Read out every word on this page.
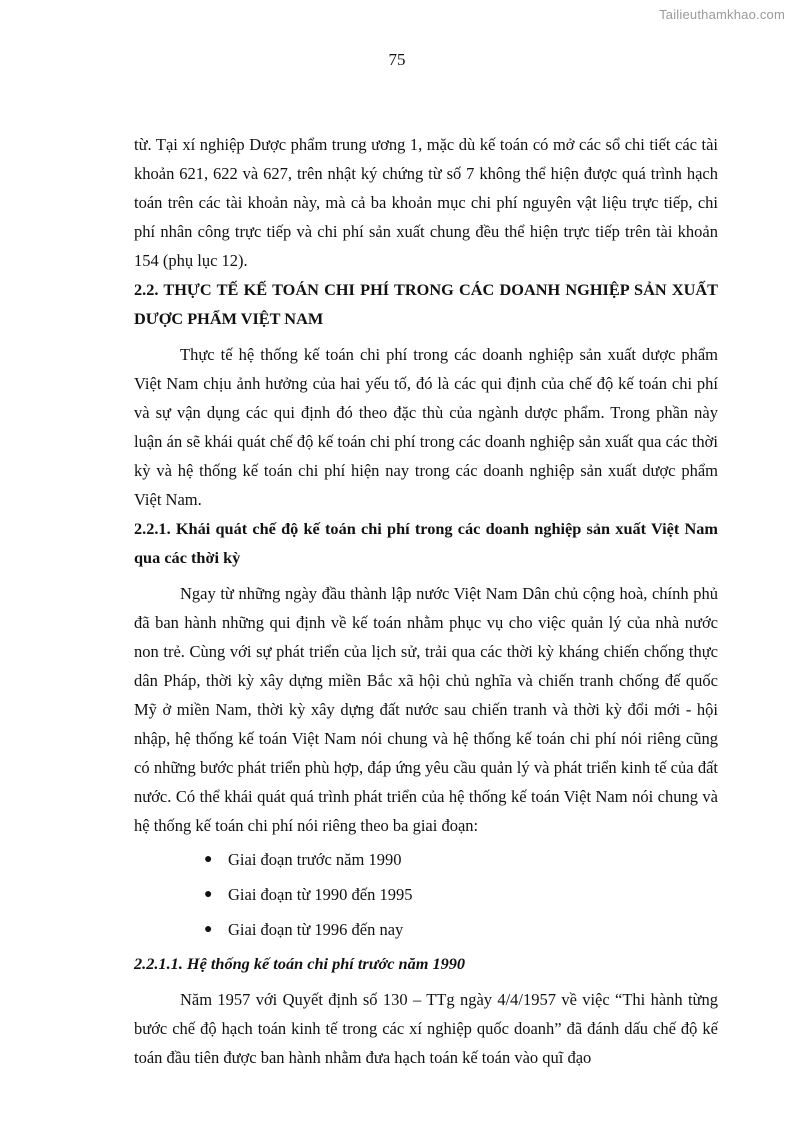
Tailieuthamkhao.com
75

từ. Tại xí nghiệp Dược phẩm trung ương 1, mặc dù kế toán có mở các sổ chi tiết các tài khoản 621, 622 và 627, trên nhật ký chứng từ số 7 không thể hiện được quá trình hạch toán trên các tài khoản này, mà cả ba khoản mục chi phí nguyên vật liệu trực tiếp, chi phí nhân công trực tiếp và chi phí sản xuất chung đều thể hiện trực tiếp trên tài khoản 154 (phụ lục 12).

2.2. THỰC TẾ KẾ TOÁN CHI PHÍ TRONG CÁC DOANH NGHIỆP SẢN XUẤT DƯỢC PHẨM VIỆT NAM

Thực tế hệ thống kế toán chi phí trong các doanh nghiệp sản xuất dược phẩm Việt Nam chịu ảnh hưởng của hai yếu tố, đó là các qui định của chế độ kế toán chi phí và sự vận dụng các qui định đó theo đặc thù của ngành dược phẩm. Trong phần này luận án sẽ khái quát chế độ kế toán chi phí trong các doanh nghiệp sản xuất qua các thời kỳ và hệ thống kế toán chi phí hiện nay trong các doanh nghiệp sản xuất dược phẩm Việt Nam.

2.2.1. Khái quát chế độ kế toán chi phí trong các doanh nghiệp sản xuất Việt Nam qua các thời kỳ

Ngay từ những ngày đầu thành lập nước Việt Nam Dân chủ cộng hoà, chính phủ đã ban hành những qui định về kế toán nhằm phục vụ cho việc quản lý của nhà nước non trẻ. Cùng với sự phát triển của lịch sử, trải qua các thời kỳ kháng chiến chống thực dân Pháp, thời kỳ xây dựng miền Bắc xã hội chủ nghĩa và chiến tranh chống đế quốc Mỹ ở miền Nam, thời kỳ xây dựng đất nước sau chiến tranh và thời kỳ đổi mới - hội nhập, hệ thống kế toán Việt Nam nói chung và hệ thống kế toán chi phí nói riêng cũng có những bước phát triển phù hợp, đáp ứng yêu cầu quản lý và phát triển kinh tế của đất nước. Có thể khái quát quá trình phát triển của hệ thống kế toán Việt Nam nói chung và hệ thống kế toán chi phí nói riêng theo ba giai đoạn:

● Giai đoạn trước năm 1990
● Giai đoạn từ 1990 đến 1995
● Giai đoạn từ 1996 đến nay

2.2.1.1. Hệ thống kế toán chi phí trước năm 1990

Năm 1957 với Quyết định số 130 – TTg ngày 4/4/1957 về việc “Thi hành từng bước chế độ hạch toán kinh tế trong các xí nghiệp quốc doanh” đã đánh dấu chế độ kế toán đầu tiên được ban hành nhằm đưa hạch toán kế toán vào quĩ đạo
